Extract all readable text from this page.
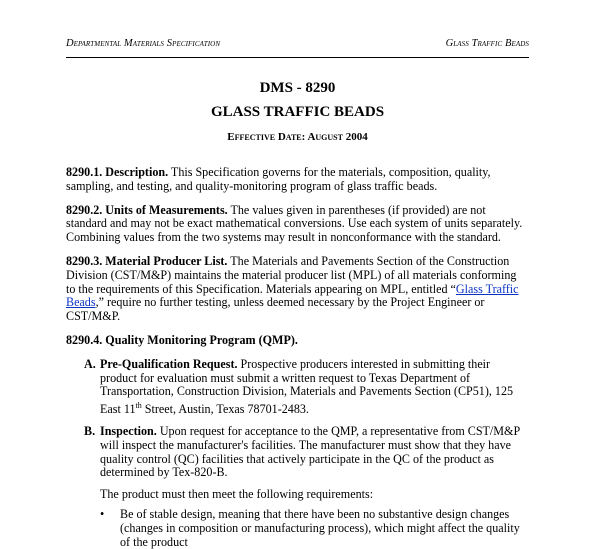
Departmental Materials Specification	Glass Traffic Beads
DMS - 8290
GLASS TRAFFIC BEADS
Effective Date: August 2004

8290.1. Description. This Specification governs for the materials, composition, quality, sampling, and testing, and quality-monitoring program of glass traffic beads.

8290.2. Units of Measurements. The values given in parentheses (if provided) are not standard and may not be exact mathematical conversions. Use each system of units separately. Combining values from the two systems may result in nonconformance with the standard.

8290.3. Material Producer List. The Materials and Pavements Section of the Construction Division (CST/M&P) maintains the material producer list (MPL) of all materials conforming to the requirements of this Specification. Materials appearing on MPL, entitled “Glass Traffic Beads,” require no further testing, unless deemed necessary by the Project Engineer or CST/M&P.

8290.4. Quality Monitoring Program (QMP).

A. Pre-Qualification Request. Prospective producers interested in submitting their product for evaluation must submit a written request to Texas Department of Transportation, Construction Division, Materials and Pavements Section (CP51), 125 East 11th Street, Austin, Texas 78701-2483.
B. Inspection. Upon request for acceptance to the QMP, a representative from CST/M&P will inspect the manufacturer's facilities. The manufacturer must show that they have quality control (QC) facilities that actively participate in the QC of the product as determined by Tex-820-B.

The product must then meet the following requirements:

•	Be of stable design, meaning that there have been no substantive design changes (changes in composition or manufacturing process), which might affect the quality of the product
